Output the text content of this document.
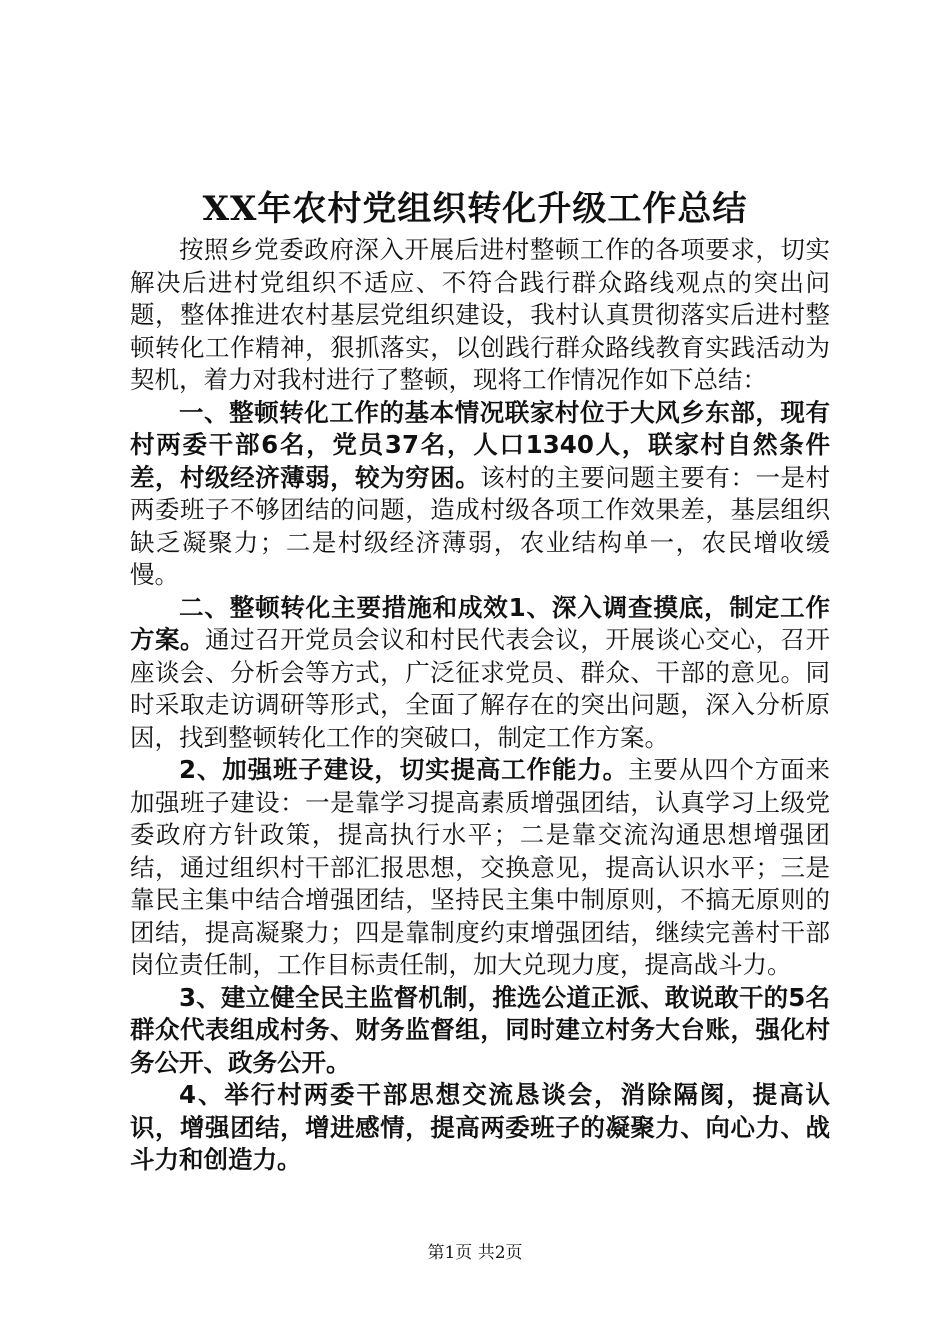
XX年农村党组织转化升级工作总结

按照乡党委政府深入开展后进村整顿工作的各项要求，切实解决后进村党组织不适应、不符合践行群众路线观点的突出问题，整体推进农村基层党组织建设，我村认真贯彻落实后进村整顿转化工作精神，狠抓落实，以创践行群众路线教育实践活动为契机，着力对我村进行了整顿，现将工作情况作如下总结：

一、整顿转化工作的基本情况联家村位于大风乡东部，现有村两委干部6名，党员37名，人口1340人，联家村自然条件差，村级经济薄弱，较为穷困。该村的主要问题主要有：一是村两委班子不够团结的问题，造成村级各项工作效果差，基层组织缺乏凝聚力；二是村级经济薄弱，农业结构单一，农民增收缓慢。

二、整顿转化主要措施和成效1、深入调查摸底，制定工作方案。通过召开党员会议和村民代表会议，开展谈心交心，召开座谈会、分析会等方式，广泛征求党员、群众、干部的意见。同时采取走访调研等形式，全面了解存在的突出问题，深入分析原因，找到整顿转化工作的突破口，制定工作方案。

2、加强班子建设，切实提高工作能力。主要从四个方面来加强班子建设：一是靠学习提高素质增强团结，认真学习上级党委政府方针政策，提高执行水平；二是靠交流沟通思想增强团结，通过组织村干部汇报思想，交换意见，提高认识水平；三是靠民主集中结合增强团结，坚持民主集中制原则，不搞无原则的团结，提高凝聚力；四是靠制度约束增强团结，继续完善村干部岗位责任制，工作目标责任制，加大兑现力度，提高战斗力。

3、建立健全民主监督机制，推选公道正派、敢说敢干的5名群众代表组成村务、财务监督组，同时建立村务大台账，强化村务公开、政务公开。

4、举行村两委干部思想交流恳谈会，消除隔阂，提高认识，增强团结，增进感情，提高两委班子的凝聚力、向心力、战斗力和创造力。

第1页 共2页
